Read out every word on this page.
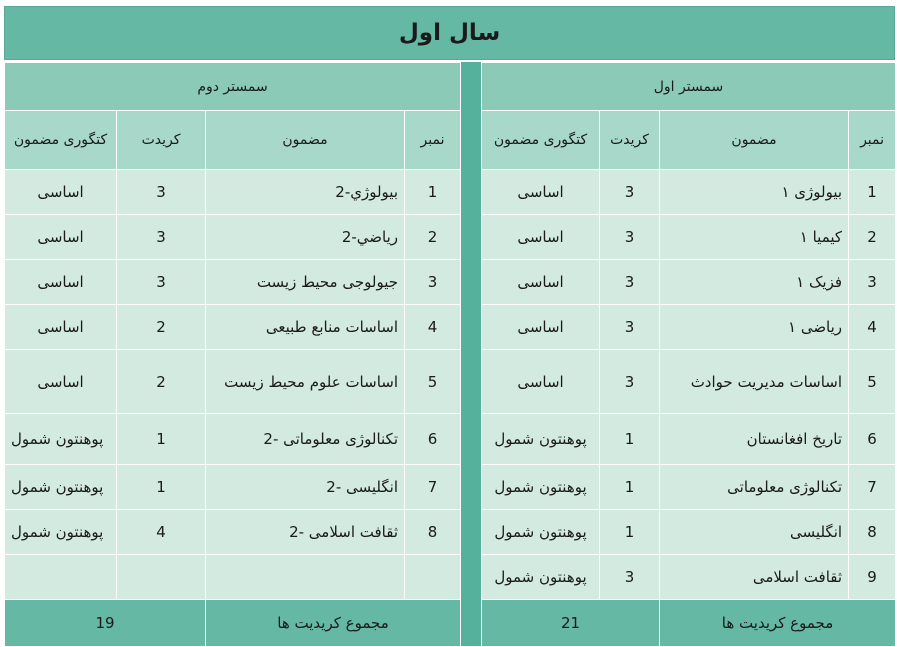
سال اول
سمستر دوم			
نمبر	مضمون	کریدت	کتگوری مضمون
1	بیولوژي-2	3	اساسی
2	رياضي-2	3	اساسی
3	جیولوجی محیط زیست	3	اساسی
4	اساسات منابع طبیعی	2	اساسی
5	اساسات علوم محیط زیست	2	اساسی
6	تکنالوژی معلوماتی -2	1	پوهنتون شمول
7	انگلیسی -2	1	پوهنتون شمول
8	ثقافت اسلامی -2	4	پوهنتون شمول

مجموع کریدیت ها		19	
سمستر اول			
نمبر	مضمون	کریدت	کتگوری مضمون
1	بیولوژی ۱	3	اساسی
2	کیمیا ۱	3	اساسی
3	فزیک ۱	3	اساسی
4	ریاضی ۱	3	اساسی
5	اساسات مدیریت حوادث	3	اساسی
6	تاریخ افغانستان	1	پوهنتون شمول
7	تکنالوژی معلوماتی	1	پوهنتون شمول
8	انگلیسی	1	پوهنتون شمول
9	ثقافت اسلامی	3	پوهنتون شمول
مجموع کریدیت ها		21	
